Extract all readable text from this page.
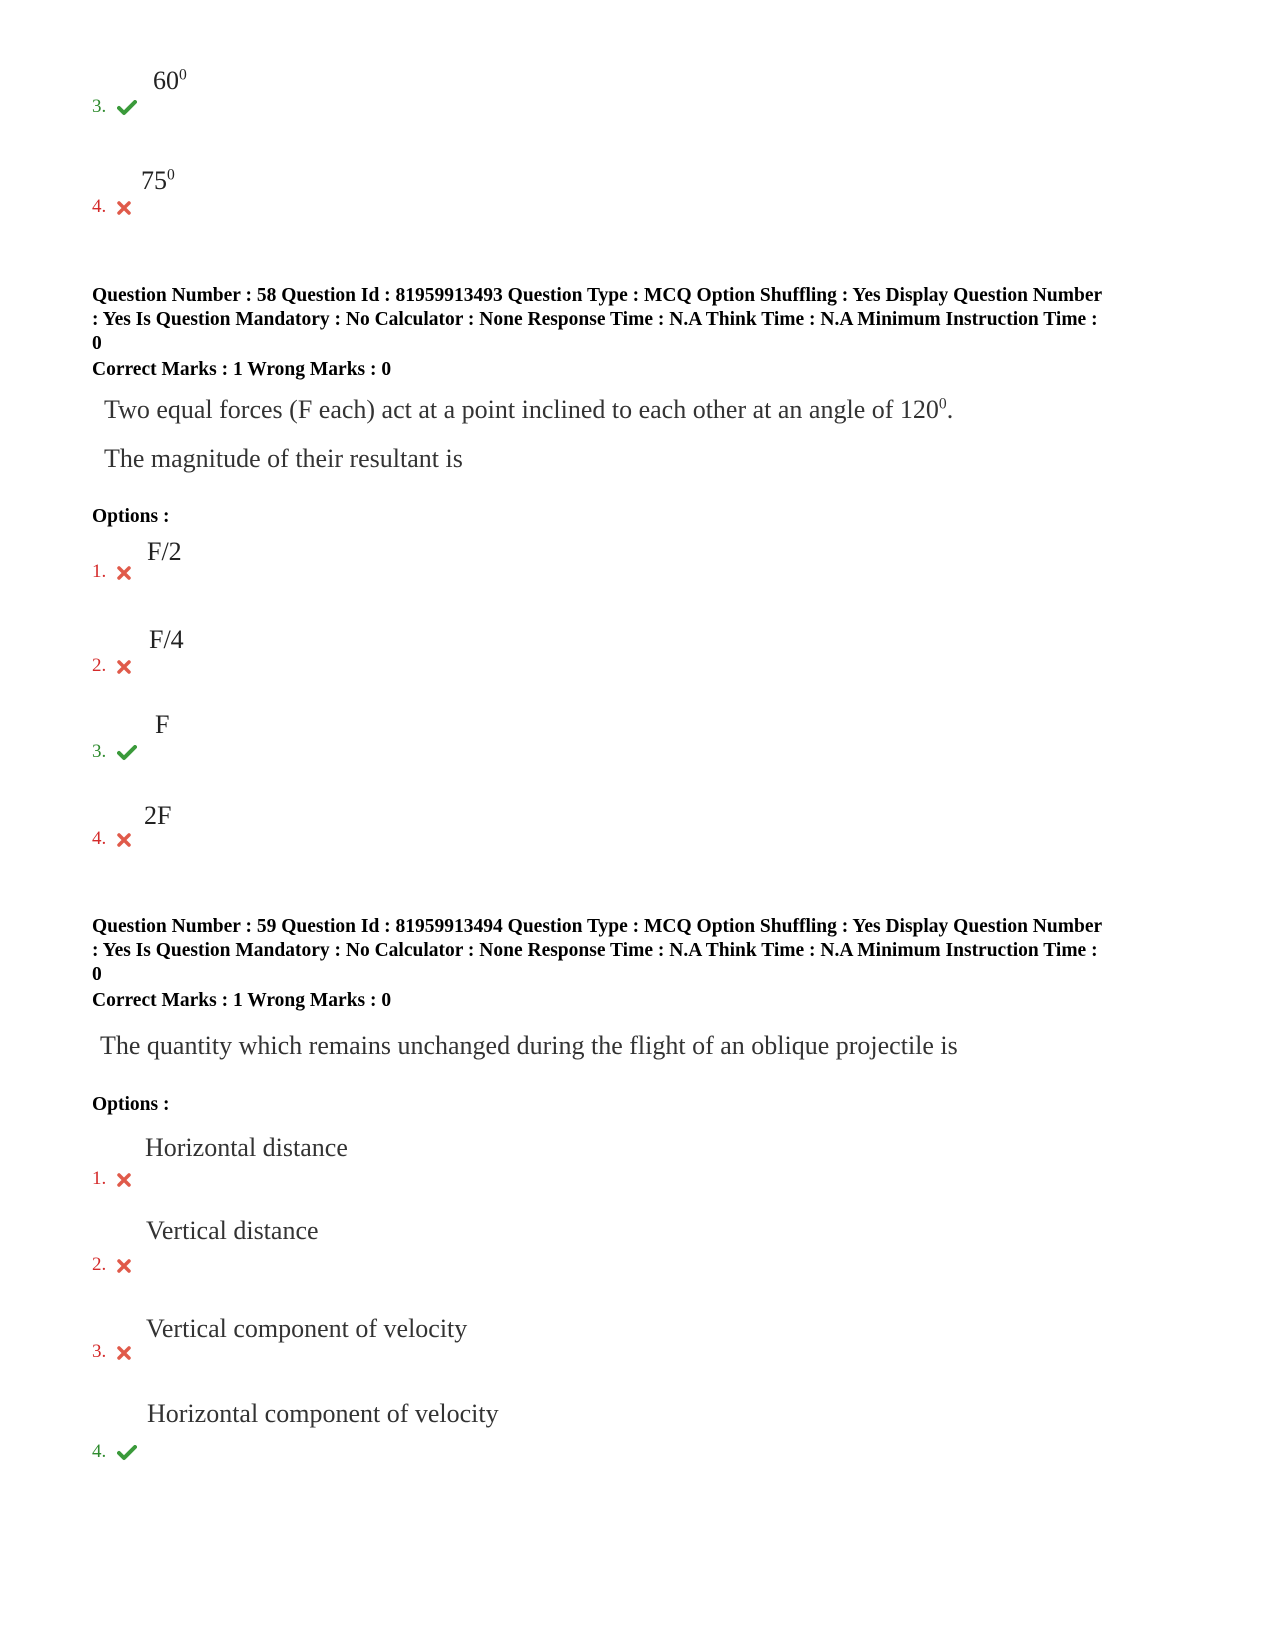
$60^0$
3.
$75^0$
4.
Question Number : 58 Question Id : 81959913493 Question Type : MCQ Option Shuffling : Yes Display Question Number : Yes Is Question Mandatory : No Calculator : None Response Time : N.A Think Time : N.A Minimum Instruction Time : 0
Correct Marks : 1 Wrong Marks : 0
Two equal forces (F each) act at a point inclined to each other at an angle of $120^0$.
The magnitude of their resultant is
Options :
F/2
1.
F/4
2.
F
3.
2F
4.
Question Number : 59 Question Id : 81959913494 Question Type : MCQ Option Shuffling : Yes Display Question Number : Yes Is Question Mandatory : No Calculator : None Response Time : N.A Think Time : N.A Minimum Instruction Time : 0
Correct Marks : 1 Wrong Marks : 0
The quantity which remains unchanged during the flight of an oblique projectile is
Options :
Horizontal distance
1.
Vertical distance
2.
Vertical component of velocity
3.
Horizontal component of velocity
4.
